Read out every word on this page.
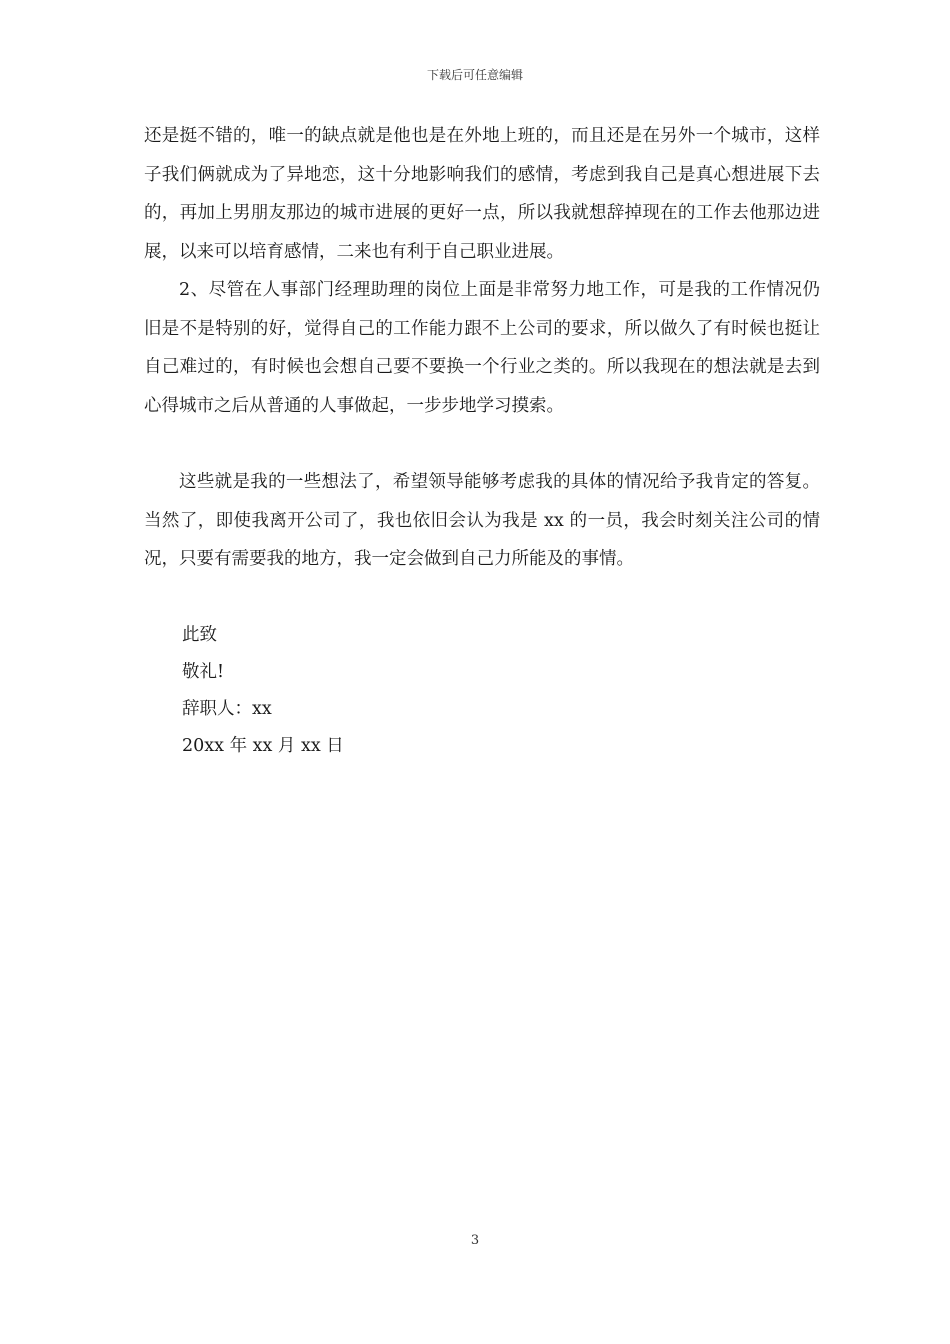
下载后可任意编辑

还是挺不错的，唯一的缺点就是他也是在外地上班的，而且还是在另外一个城市，这样子我们俩就成为了异地恋，这十分地影响我们的感情，考虑到我自己是真心想进展下去的，再加上男朋友那边的城市进展的更好一点，所以我就想辞掉现在的工作去他那边进展，以来可以培育感情，二来也有利于自己职业进展。

2、尽管在人事部门经理助理的岗位上面是非常努力地工作，可是我的工作情况仍旧是不是特别的好，觉得自己的工作能力跟不上公司的要求，所以做久了有时候也挺让自己难过的，有时候也会想自己要不要换一个行业之类的。所以我现在的想法就是去到心得城市之后从普通的人事做起，一步步地学习摸索。

这些就是我的一些想法了，希望领导能够考虑我的具体的情况给予我肯定的答复。当然了，即使我离开公司了，我也依旧会认为我是 xx 的一员，我会时刻关注公司的情况，只要有需要我的地方，我一定会做到自己力所能及的事情。

此致

敬礼!

辞职人：xx

20xx 年 xx 月 xx 日

3
